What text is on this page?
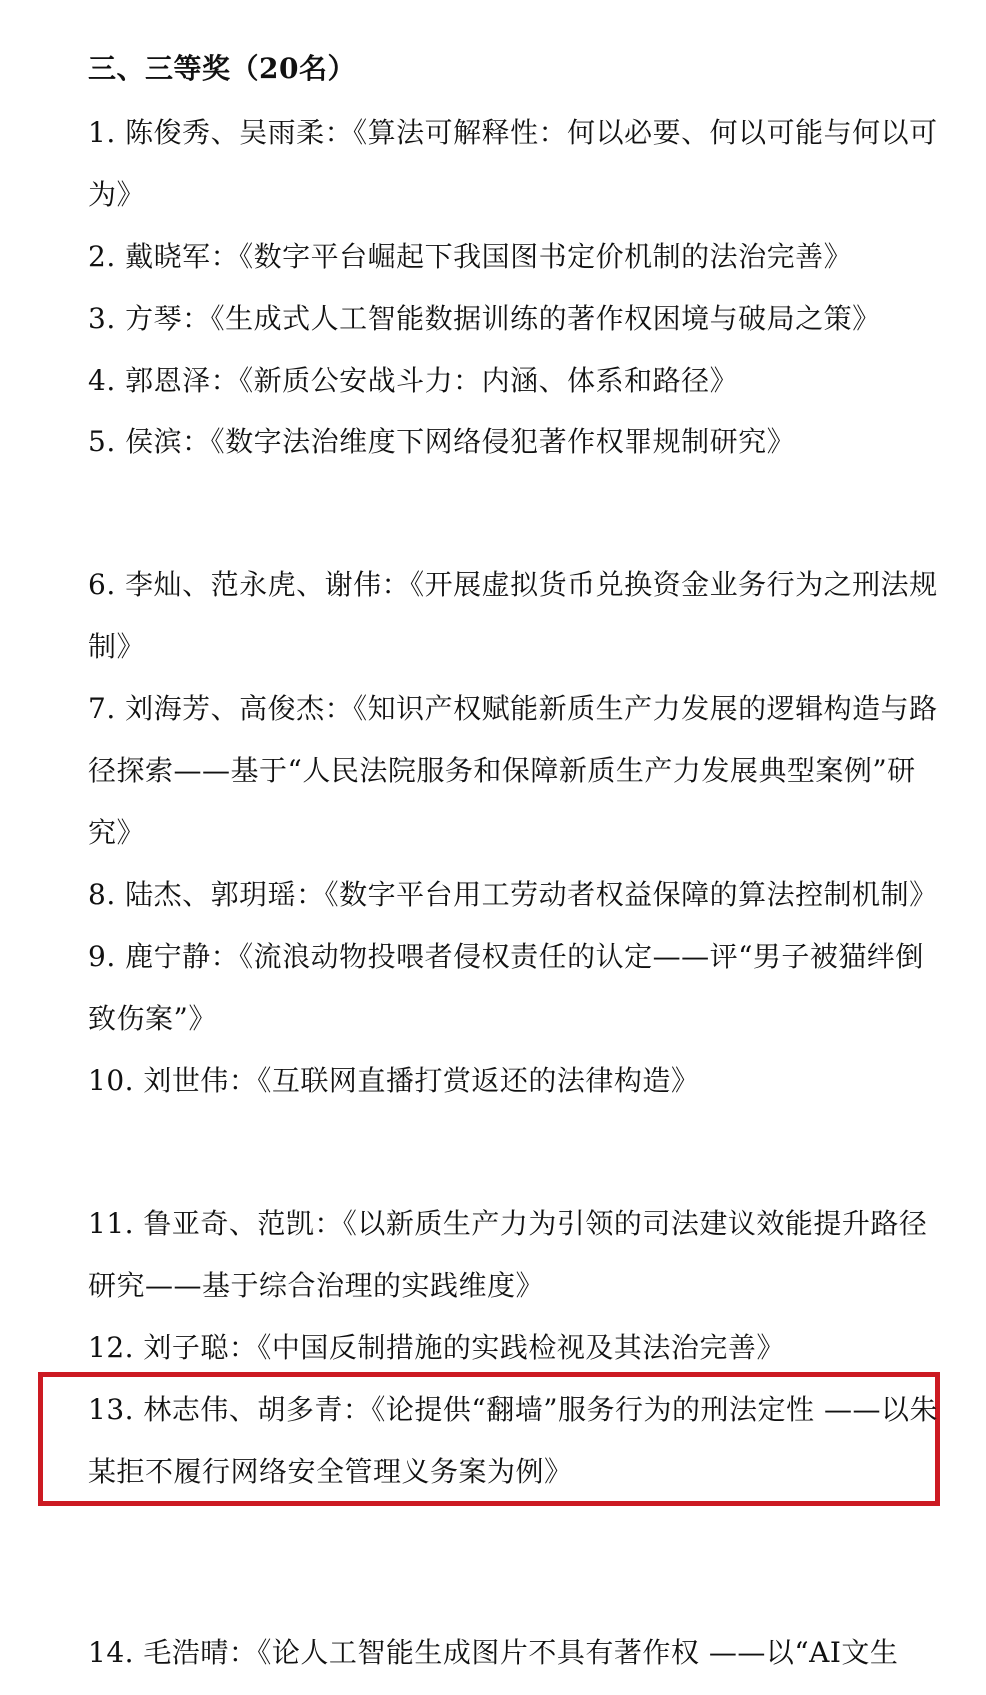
三、三等奖（20名）
1. 陈俊秀、吴雨柔：《算法可解释性：何以必要、何以可能与何以可
为》
2. 戴晓军：《数字平台崛起下我国图书定价机制的法治完善》
3. 方琴：《生成式人工智能数据训练的著作权困境与破局之策》
4. 郭恩泽：《新质公安战斗力：内涵、体系和路径》
5. 侯滨：《数字法治维度下网络侵犯著作权罪规制研究》
6. 李灿、范永虎、谢伟：《开展虚拟货币兑换资金业务行为之刑法规
制》
7. 刘海芳、高俊杰：《知识产权赋能新质生产力发展的逻辑构造与路
径探索——基于“人民法院服务和保障新质生产力发展典型案例”研
究》
8. 陆杰、郭玥瑶：《数字平台用工劳动者权益保障的算法控制机制》
9. 鹿宁静：《流浪动物投喂者侵权责任的认定——评“男子被猫绊倒
致伤案”》
10. 刘世伟：《互联网直播打赏返还的法律构造》
11. 鲁亚奇、范凯：《以新质生产力为引领的司法建议效能提升路径
研究——基于综合治理的实践维度》
12. 刘子聪：《中国反制措施的实践检视及其法治完善》
13. 林志伟、胡多青：《论提供“翻墙”服务行为的刑法定性 ——以朱
某拒不履行网络安全管理义务案为例》
14. 毛浩晴：《论人工智能生成图片不具有著作权 ——以“AI文生
